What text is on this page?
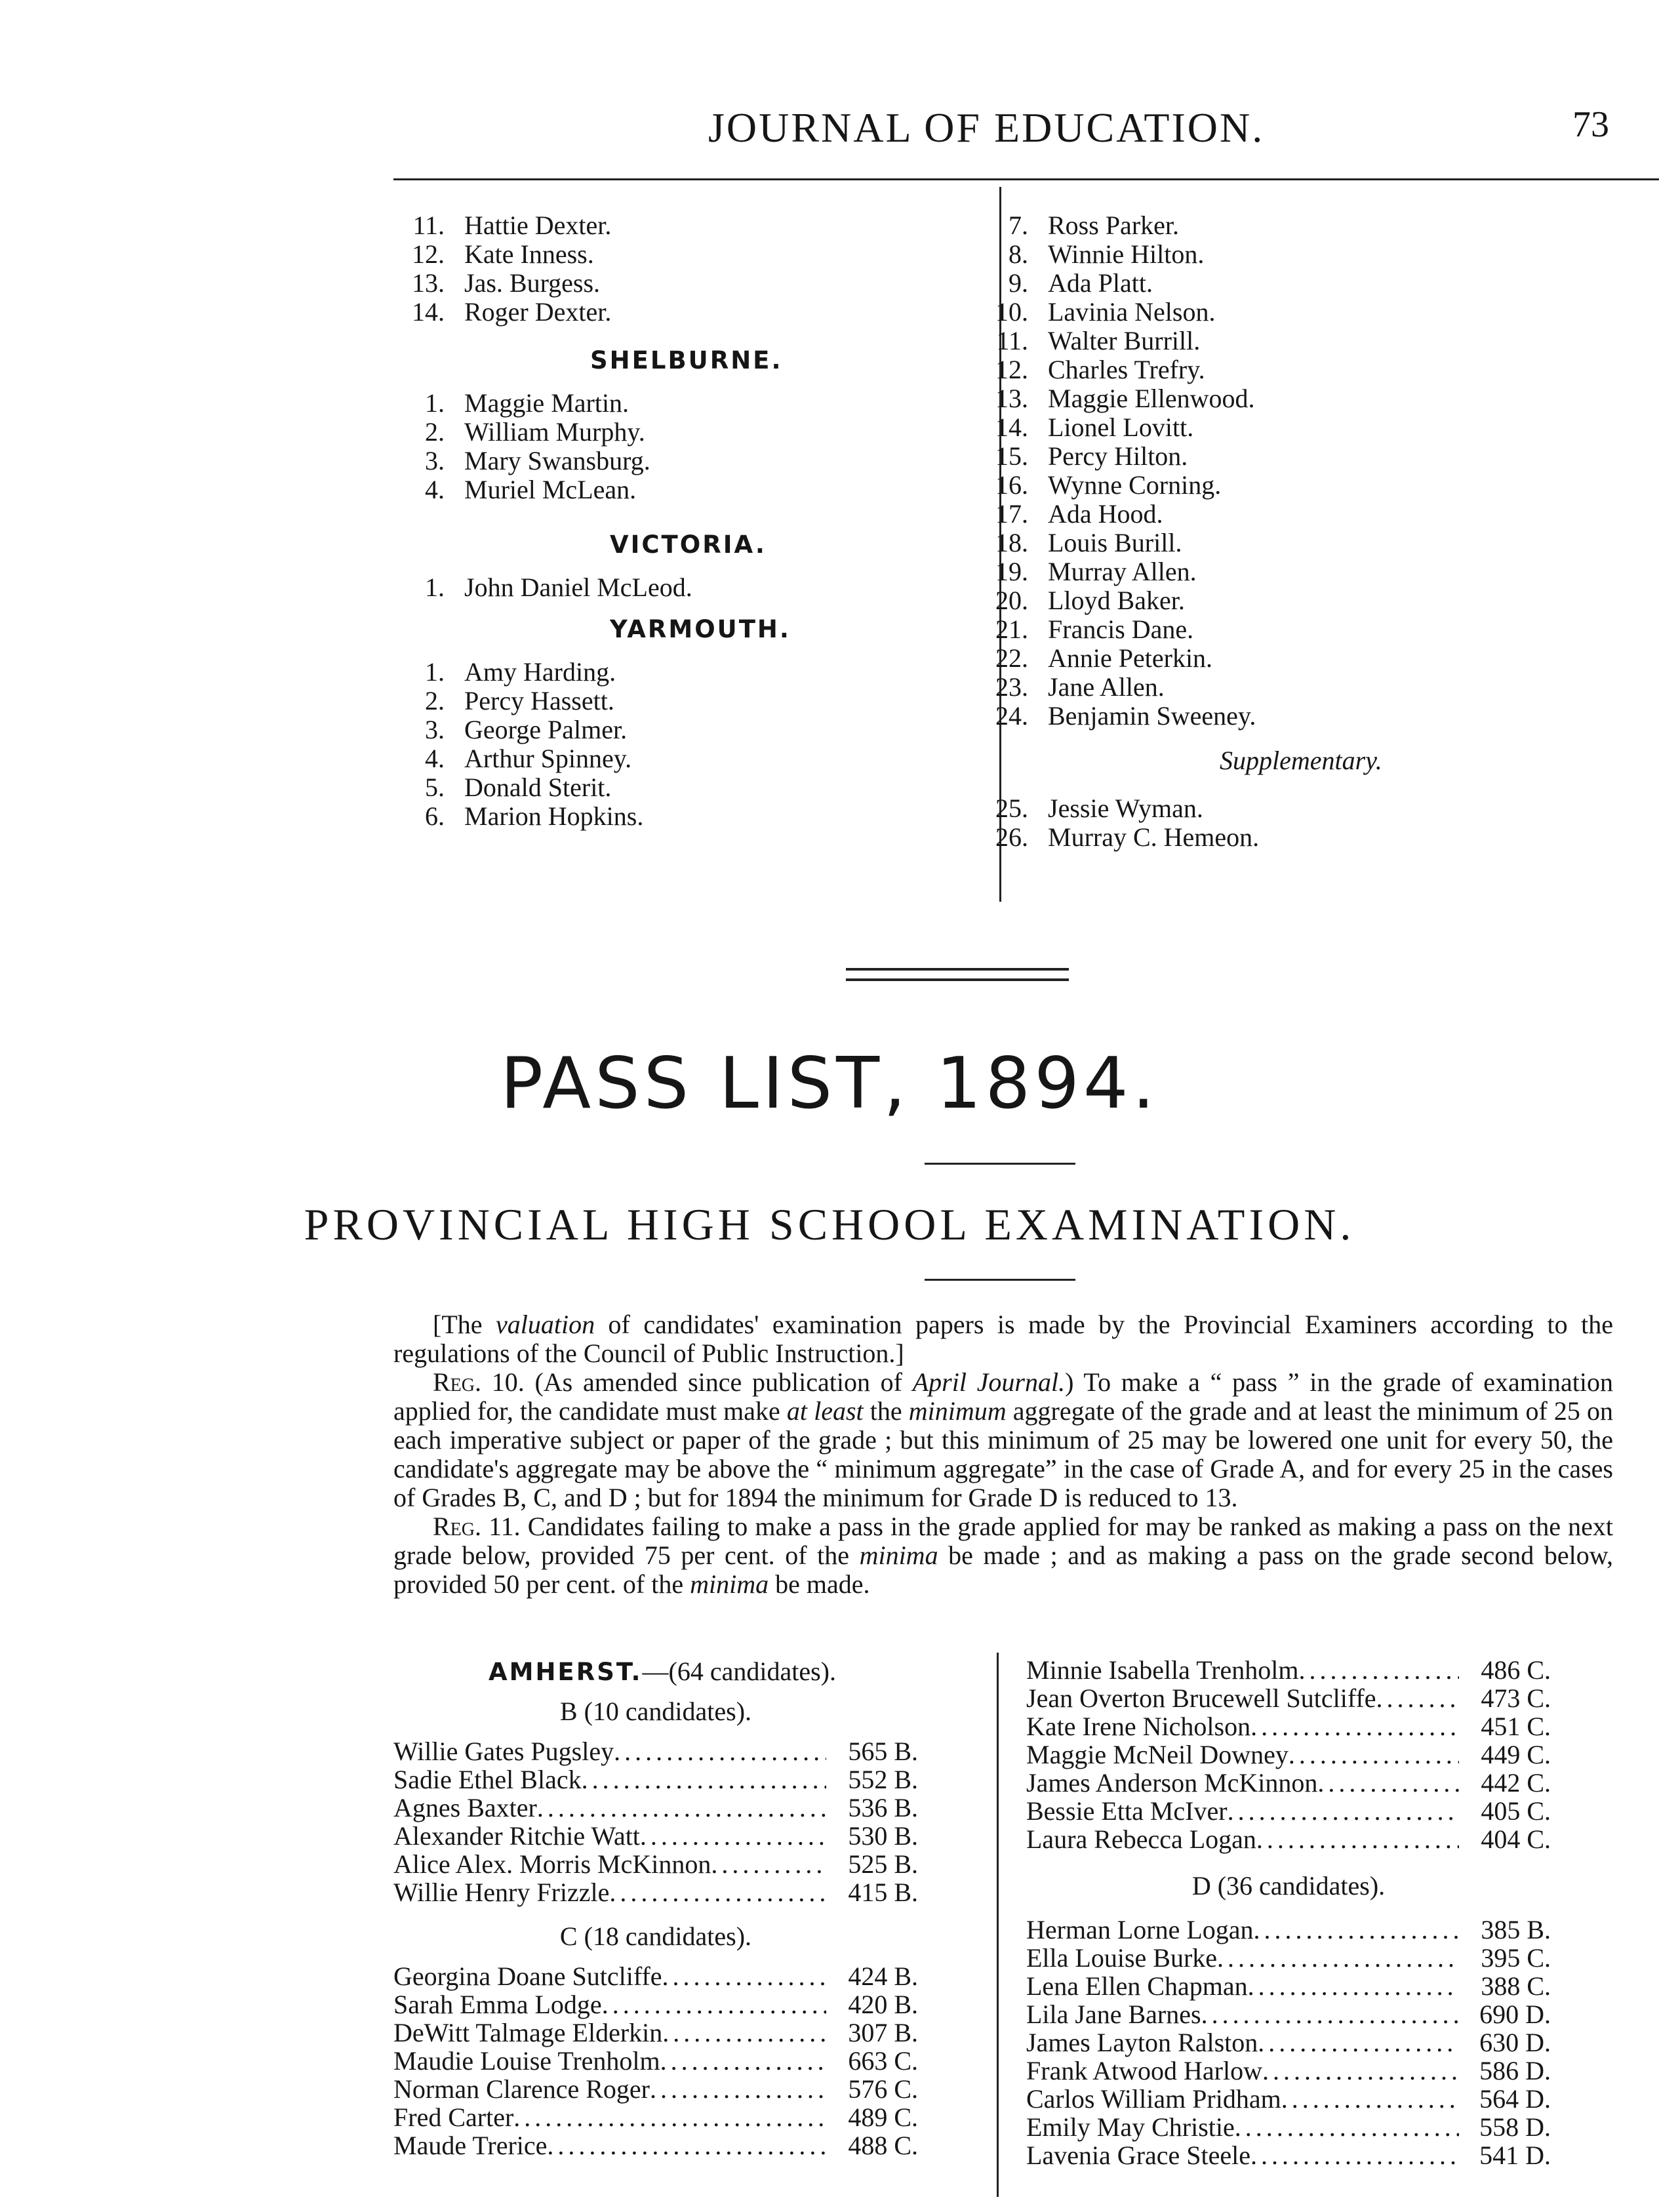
JOURNAL OF EDUCATION.	73
11. Hattie Dexter.
12. Kate Inness.
13. Jas. Burgess.
14. Roger Dexter.
SHELBURNE.
1. Maggie Martin.
2. William Murphy.
3. Mary Swansburg.
4. Muriel McLean.
VICTORIA.
1. John Daniel McLeod.
YARMOUTH.
1. Amy Harding.
2. Percy Hassett.
3. George Palmer.
4. Arthur Spinney.
5. Donald Sterit.
6. Marion Hopkins.
7. Ross Parker.
8. Winnie Hilton.
9. Ada Platt.
10. Lavinia Nelson.
11. Walter Burrill.
12. Charles Trefry.
13. Maggie Ellenwood.
14. Lionel Lovitt.
15. Percy Hilton.
16. Wynne Corning.
17. Ada Hood.
18. Louis Burill.
19. Murray Allen.
20. Lloyd Baker.
21. Francis Dane.
22. Annie Peterkin.
23. Jane Allen.
24. Benjamin Sweeney.
Supplementary.
25. Jessie Wyman.
26. Murray C. Hemeon.
PASS LIST, 1894.
PROVINCIAL HIGH SCHOOL EXAMINATION.

[The valuation of candidates' examination papers is made by the Provincial Examiners according to the regulations of the Council of Public Instruction.]

Reg. 10. (As amended since publication of April Journal.) To make a “ pass ” in the grade of examination applied for, the candidate must make at least the minimum aggregate of the grade and at least the minimum of 25 on each imperative subject or paper of the grade ; but this minimum of 25 may be lowered one unit for every 50, the candidate's aggregate may be above the “ minimum aggregate” in the case of Grade A, and for every 25 in the cases of Grades B, C, and D ; but for 1894 the minimum for Grade D is reduced to 13.

Reg. 11. Candidates failing to make a pass in the grade applied for may be ranked as making a pass on the next grade below, provided 75 per cent. of the minima be made ; and as making a pass on the grade second below, provided 50 per cent. of the minima be made.

AMHERST.—(64 candidates).
B (10 candidates).
Willie Gates Pugsley . . .	565 B.
Sadie Ethel Black . . .	552 B.
Agnes Baxter . . .	536 B.
Alexander Ritchie Watt . . .	530 B.
Alice Alex. Morris McKinnon . . .	525 B.
Willie Henry Frizzle . . .	415 B.
C (18 candidates).
Georgina Doane Sutcliffe . . .	424 B.
Sarah Emma Lodge . . .	420 B.
DeWitt Talmage Elderkin . . .	307 B.
Maudie Louise Trenholm . . .	663 C.
Norman Clarence Roger . . .	576 C.
Fred Carter . . .	489 C.
Maude Trerice . . .	488 C.
Minnie Isabella Trenholm . . .	486 C.
Jean Overton Brucewell Sutcliffe . . .	473 C.
Kate Irene Nicholson . . .	451 C.
Maggie McNeil Downey . . .	449 C.
James Anderson McKinnon . . .	442 C.
Bessie Etta McIver . . .	405 C.
Laura Rebecca Logan . . .	404 C.
D (36 candidates).
Herman Lorne Logan . . .	385 B.
Ella Louise Burke . . .	395 C.
Lena Ellen Chapman . . .	388 C.
Lila Jane Barnes . . .	690 D.
James Layton Ralston . . .	630 D.
Frank Atwood Harlow . . .	586 D.
Carlos William Pridham . . .	564 D.
Emily May Christie . . .	558 D.
Lavenia Grace Steele . . .	541 D.
